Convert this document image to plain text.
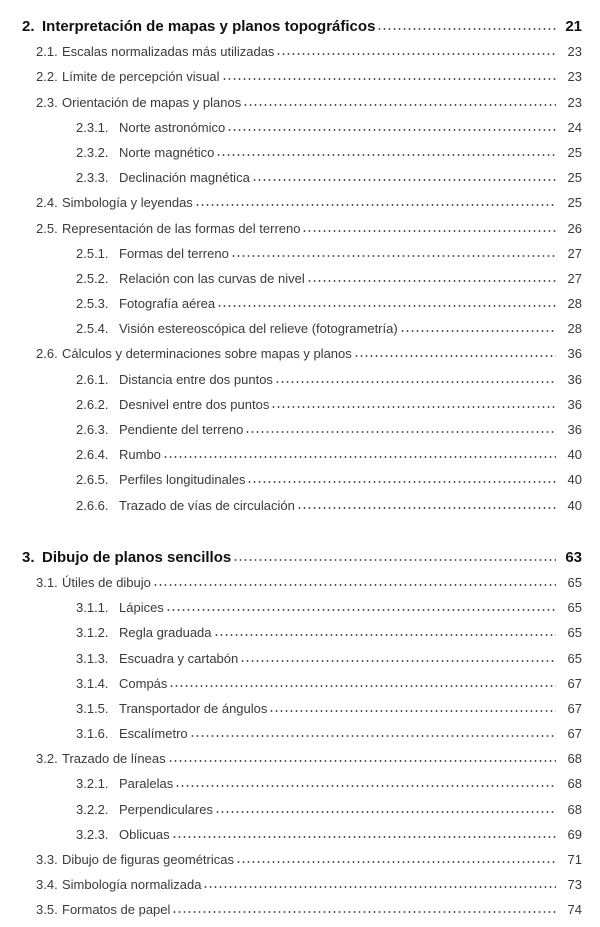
2. Interpretación de mapas y planos topográficos	21
2.1. Escalas normalizadas más utilizadas	23
2.2. Límite de percepción visual	23
2.3. Orientación de mapas y planos	23
2.3.1. Norte astronómico	24
2.3.2. Norte magnético	25
2.3.3. Declinación magnética	25
2.4. Simbología y leyendas	25
2.5. Representación de las formas del terreno	26
2.5.1. Formas del terreno	27
2.5.2. Relación con las curvas de nivel	27
2.5.3. Fotografía aérea	28
2.5.4. Visión estereoscópica del relieve (fotogrametría)	28
2.6. Cálculos y determinaciones sobre mapas y planos	36
2.6.1. Distancia entre dos puntos	36
2.6.2. Desnivel entre dos puntos	36
2.6.3. Pendiente del terreno	36
2.6.4. Rumbo	40
2.6.5. Perfiles longitudinales	40
2.6.6. Trazado de vías de circulación	40
3. Dibujo de planos sencillos	63
3.1. Útiles de dibujo	65
3.1.1. Lápices	65
3.1.2. Regla graduada	65
3.1.3. Escuadra y cartabón	65
3.1.4. Compás	67
3.1.5. Transportador de ángulos	67
3.1.6. Escalímetro	67
3.2. Trazado de líneas	68
3.2.1. Paralelas	68
3.2.2. Perpendiculares	68
3.2.3. Oblicuas	69
3.3. Dibujo de figuras geométricas	71
3.4. Simbología normalizada	73
3.5. Formatos de papel	74
